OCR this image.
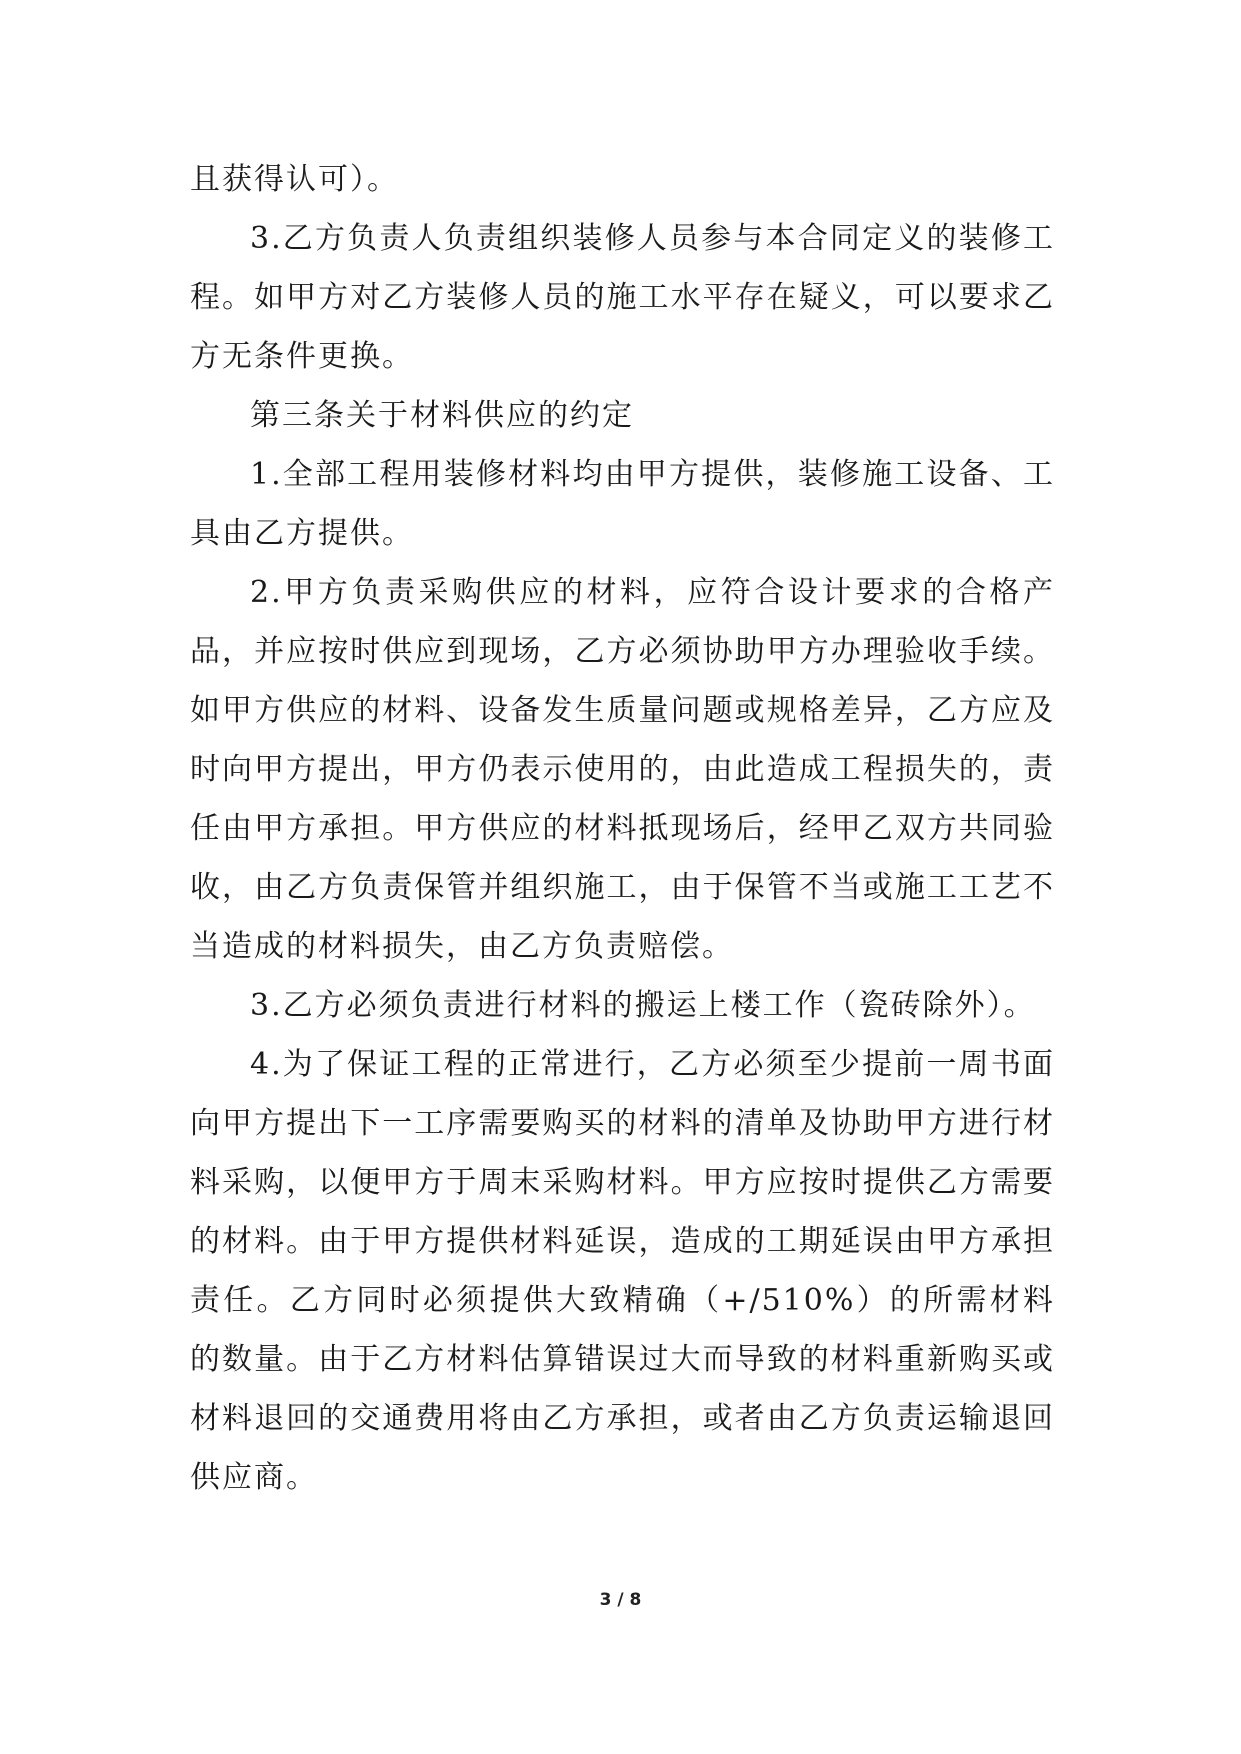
且获得认可）。

3.乙方负责人负责组织装修人员参与本合同定义的装修工程。如甲方对乙方装修人员的施工水平存在疑义，可以要求乙方无条件更换。

第三条关于材料供应的约定

1.全部工程用装修材料均由甲方提供，装修施工设备、工具由乙方提供。

2.甲方负责采购供应的材料，应符合设计要求的合格产品，并应按时供应到现场，乙方必须协助甲方办理验收手续。如甲方供应的材料、设备发生质量问题或规格差异，乙方应及时向甲方提出，甲方仍表示使用的，由此造成工程损失的，责任由甲方承担。甲方供应的材料抵现场后，经甲乙双方共同验收，由乙方负责保管并组织施工，由于保管不当或施工工艺不当造成的材料损失，由乙方负责赔偿。

3.乙方必须负责进行材料的搬运上楼工作（瓷砖除外）。

4.为了保证工程的正常进行，乙方必须至少提前一周书面向甲方提出下一工序需要购买的材料的清单及协助甲方进行材料采购，以便甲方于周末采购材料。甲方应按时提供乙方需要的材料。由于甲方提供材料延误，造成的工期延误由甲方承担责任。乙方同时必须提供大致精确（+/510%）的所需材料的数量。由于乙方材料估算错误过大而导致的材料重新购买或材料退回的交通费用将由乙方承担，或者由乙方负责运输退回供应商。

3 / 8
